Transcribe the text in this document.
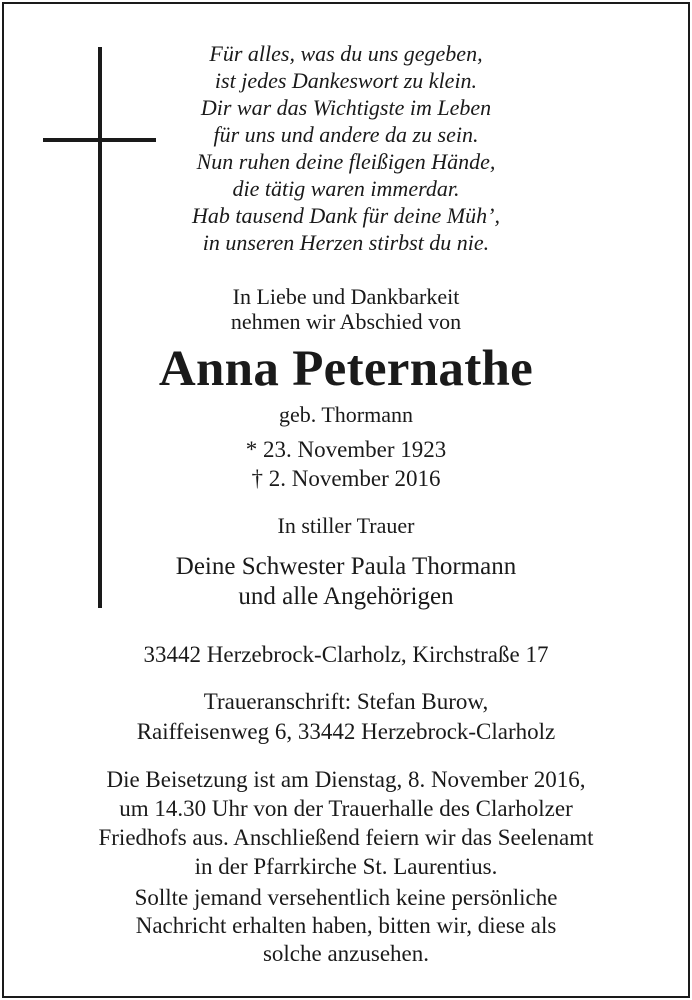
Für alles, was du uns gegeben,
ist jedes Dankeswort zu klein.
Dir war das Wichtigste im Leben
für uns und andere da zu sein.
Nun ruhen deine fleißigen Hände,
die tätig waren immerdar.
Hab tausend Dank für deine Müh’,
in unseren Herzen stirbst du nie.
In Liebe und Dankbarkeit
nehmen wir Abschied von
Anna Peternathe
geb. Thormann
* 23. November 1923
† 2. November 2016
In stiller Trauer
Deine Schwester Paula Thormann
und alle Angehörigen
33442 Herzebrock-Clarholz, Kirchstraße 17
Traueranschrift: Stefan Burow,
Raiffeisenweg 6, 33442 Herzebrock-Clarholz
Die Beisetzung ist am Dienstag, 8. November 2016,
um 14.30 Uhr von der Trauerhalle des Clarholzer
Friedhofs aus. Anschließend feiern wir das Seelenamt
in der Pfarrkirche St. Laurentius.
Sollte jemand versehentlich keine persönliche
Nachricht erhalten haben, bitten wir, diese als
solche anzusehen.
